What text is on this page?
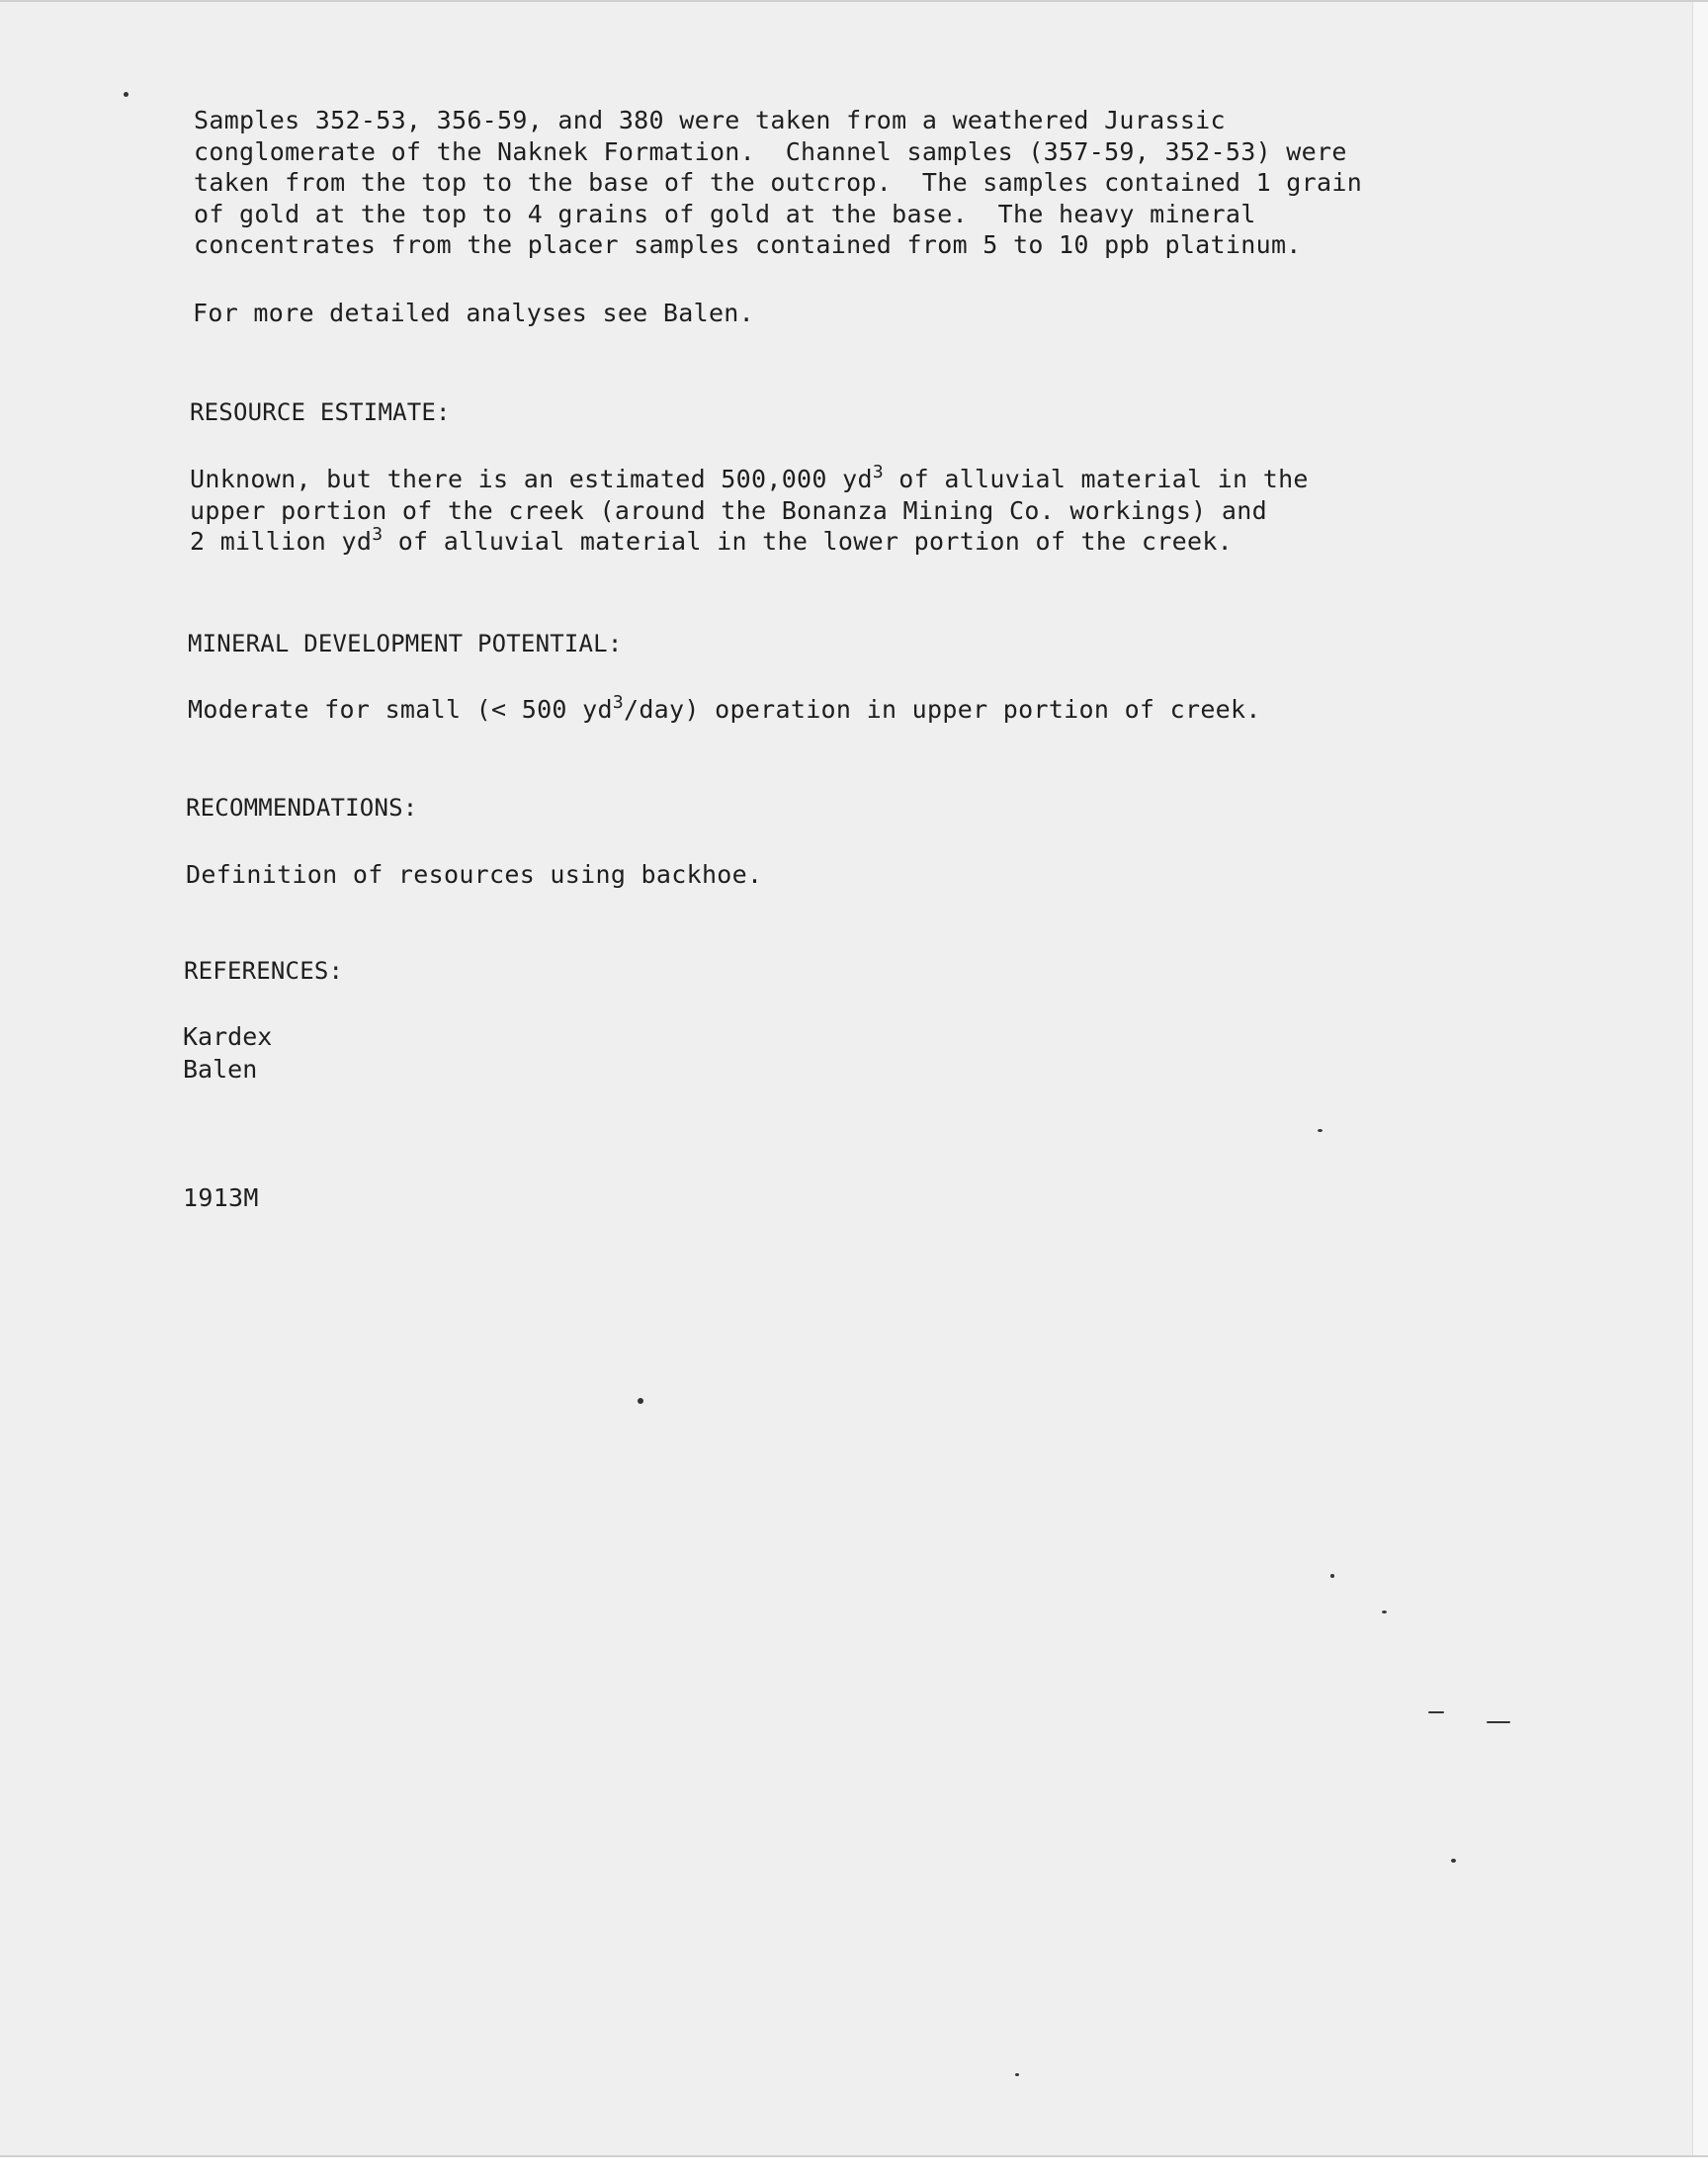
Samples 352-53, 356-59, and 380 were taken from a weathered Jurassic
conglomerate of the Naknek Formation.  Channel samples (357-59, 352-53) were
taken from the top to the base of the outcrop.  The samples contained 1 grain
of gold at the top to 4 grains of gold at the base.  The heavy mineral
concentrates from the placer samples contained from 5 to 10 ppb platinum.
For more detailed analyses see Balen.
RESOURCE ESTIMATE:
Unknown, but there is an estimated 500,000 $yd^3$ of alluvial material in the
upper portion of the creek (around the Bonanza Mining Co. workings) and
2 million $yd^3$ of alluvial material in the lower portion of the creek.
MINERAL DEVELOPMENT POTENTIAL:
Moderate for small (< 500 $yd^3/day$) operation in upper portion of creek.
RECOMMENDATIONS:
Definition of resources using backhoe.
REFERENCES:
Kardex
Balen
1913M
